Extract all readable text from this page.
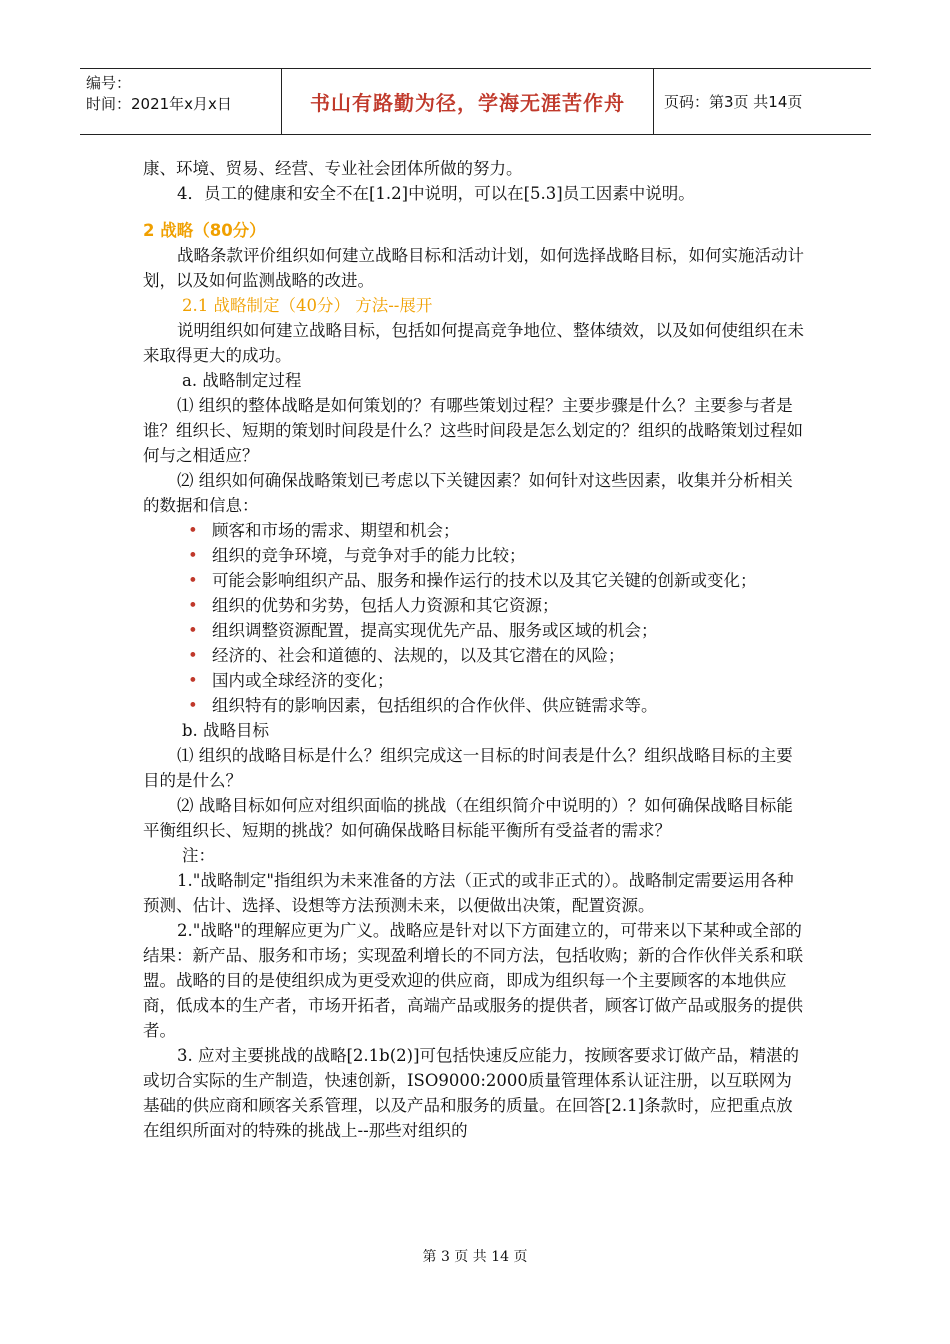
编号：
时间：2021年x月x日	书山有路勤为径，学海无涯苦作舟	页码：第3页 共14页

康、环境、贸易、经营、专业社会团体所做的努力。

4．员工的健康和安全不在[1.2]中说明，可以在[5.3]员工因素中说明。

2 战略（80分）

战略条款评价组织如何建立战略目标和活动计划，如何选择战略目标，如何实施活动计划，以及如何监测战略的改进。

2.1 战略制定（40分） 方法--展开

说明组织如何建立战略目标，包括如何提高竞争地位、整体绩效，以及如何使组织在未来取得更大的成功。

a. 战略制定过程

⑴ 组织的整体战略是如何策划的？有哪些策划过程？主要步骤是什么？主要参与者是谁？组织长、短期的策划时间段是什么？这些时间段是怎么划定的？组织的战略策划过程如何与之相适应？

⑵ 组织如何确保战略策划已考虑以下关键因素？如何针对这些因素，收集并分析相关的数据和信息：

• 顾客和市场的需求、期望和机会；

• 组织的竞争环境，与竞争对手的能力比较；

• 可能会影响组织产品、服务和操作运行的技术以及其它关键的创新或变化；

• 组织的优势和劣势，包括人力资源和其它资源；

• 组织调整资源配置，提高实现优先产品、服务或区域的机会；

• 经济的、社会和道德的、法规的，以及其它潜在的风险；

• 国内或全球经济的变化；

• 组织特有的影响因素，包括组织的合作伙伴、供应链需求等。

b. 战略目标

⑴ 组织的战略目标是什么？组织完成这一目标的时间表是什么？组织战略目标的主要目的是什么？

⑵ 战略目标如何应对组织面临的挑战（在组织简介中说明的）？如何确保战略目标能平衡组织长、短期的挑战？如何确保战略目标能平衡所有受益者的需求？

注：

1."战略制定"指组织为未来准备的方法（正式的或非正式的）。战略制定需要运用各种预测、估计、选择、设想等方法预测未来，以便做出决策，配置资源。

2."战略"的理解应更为广义。战略应是针对以下方面建立的，可带来以下某种或全部的结果：新产品、服务和市场；实现盈利增长的不同方法，包括收购；新的合作伙伴关系和联盟。战略的目的是使组织成为更受欢迎的供应商，即成为组织每一个主要顾客的本地供应商，低成本的生产者，市场开拓者，高端产品或服务的提供者，顾客订做产品或服务的提供者。

3. 应对主要挑战的战略[2.1b(2)]可包括快速反应能力，按顾客要求订做产品，精湛的或切合实际的生产制造，快速创新，ISO9000:2000质量管理体系认证注册，以互联网为基础的供应商和顾客关系管理，以及产品和服务的质量。在回答[2.1]条款时，应把重点放在组织所面对的特殊的挑战上--那些对组织的

第 3 页 共 14 页
